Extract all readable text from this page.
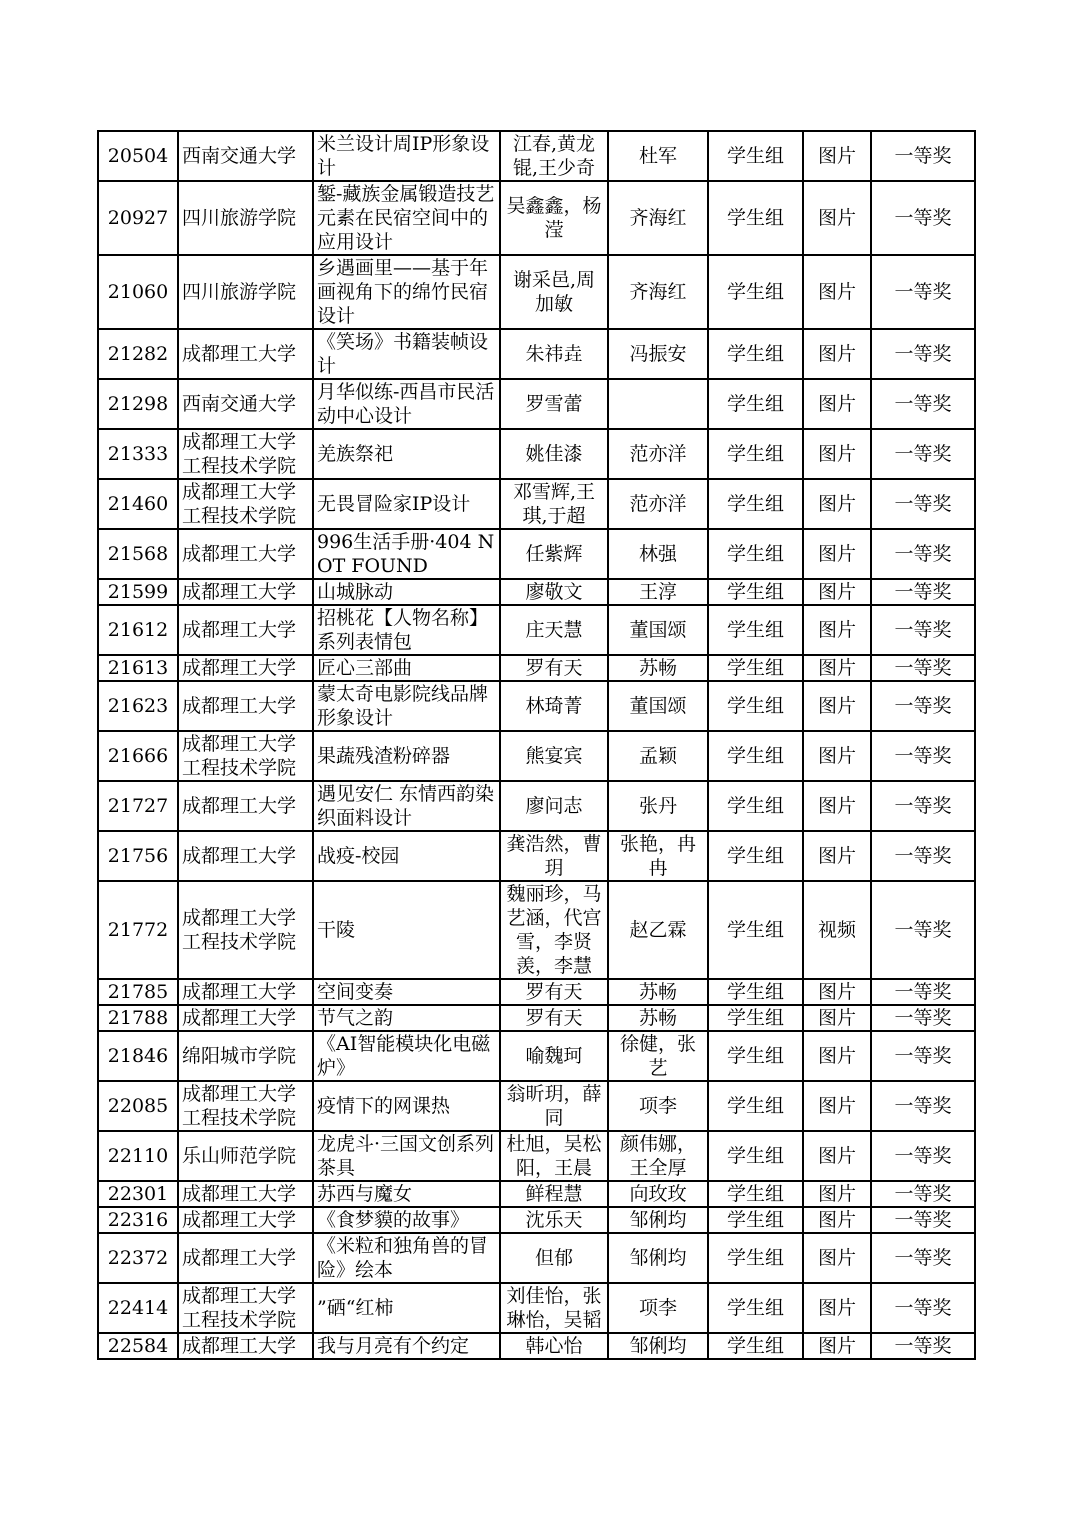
20504	西南交通大学	米兰设计周IP形象设计	江春,黄龙锟,王少奇	杜军	学生组	图片	一等奖
20927	四川旅游学院	錾-藏族金属锻造技艺元素在民宿空间中的应用设计	吴鑫鑫，杨滢	齐海红	学生组	图片	一等奖
21060	四川旅游学院	乡遇画里——基于年画视角下的绵竹民宿设计	谢采邑,周加敏	齐海红	学生组	图片	一等奖
21282	成都理工大学	《笑场》书籍装帧设计	朱祎垚	冯振安	学生组	图片	一等奖
21298	西南交通大学	月华似练-西昌市民活动中心设计	罗雪蕾		学生组	图片	一等奖
21333	成都理工大学工程技术学院	羌族祭祀	姚佳漆	范亦洋	学生组	图片	一等奖
21460	成都理工大学工程技术学院	无畏冒险家IP设计	邓雪辉,王琪,于超	范亦洋	学生组	图片	一等奖
21568	成都理工大学	996生活手册·404 NOT FOUND	任紫辉	林强	学生组	图片	一等奖
21599	成都理工大学	山城脉动	廖敬文	王淳	学生组	图片	一等奖
21612	成都理工大学	招桃花【人物名称】系列表情包	庄天慧	董国颂	学生组	图片	一等奖
21613	成都理工大学	匠心三部曲	罗有天	苏畅	学生组	图片	一等奖
21623	成都理工大学	蒙太奇电影院线品牌形象设计	林琦菁	董国颂	学生组	图片	一等奖
21666	成都理工大学工程技术学院	果蔬残渣粉碎器	熊宴宾	孟颖	学生组	图片	一等奖
21727	成都理工大学	遇见安仁 东情西韵染织面料设计	廖问志	张丹	学生组	图片	一等奖
21756	成都理工大学	战疫-校园	龚浩然，曹玥	张艳，冉冉	学生组	图片	一等奖
21772	成都理工大学工程技术学院	干陵	魏丽珍，马艺涵，代宫雪，李贤羡，李慧	赵乙霖	学生组	视频	一等奖
21785	成都理工大学	空间变奏	罗有天	苏畅	学生组	图片	一等奖
21788	成都理工大学	节气之韵	罗有天	苏畅	学生组	图片	一等奖
21846	绵阳城市学院	《AI智能模块化电磁炉》	喻魏珂	徐健，张艺	学生组	图片	一等奖
22085	成都理工大学工程技术学院	疫情下的网课热	翁昕玥，薛同	项李	学生组	图片	一等奖
22110	乐山师范学院	龙虎斗·三国文创系列茶具	杜旭，吴松阳，王晨	颜伟娜，王全厚	学生组	图片	一等奖
22301	成都理工大学	苏西与魔女	鲜程慧	向玫玫	学生组	图片	一等奖
22316	成都理工大学	《食梦貘的故事》	沈乐天	邹俐均	学生组	图片	一等奖
22372	成都理工大学	《米粒和独角兽的冒险》绘本	但郁	邹俐均	学生组	图片	一等奖
22414	成都理工大学工程技术学院	”硒“红柿	刘佳怡，张琳怡，吴韬	项李	学生组	图片	一等奖
22584	成都理工大学	我与月亮有个约定	韩心怡	邹俐均	学生组	图片	一等奖
